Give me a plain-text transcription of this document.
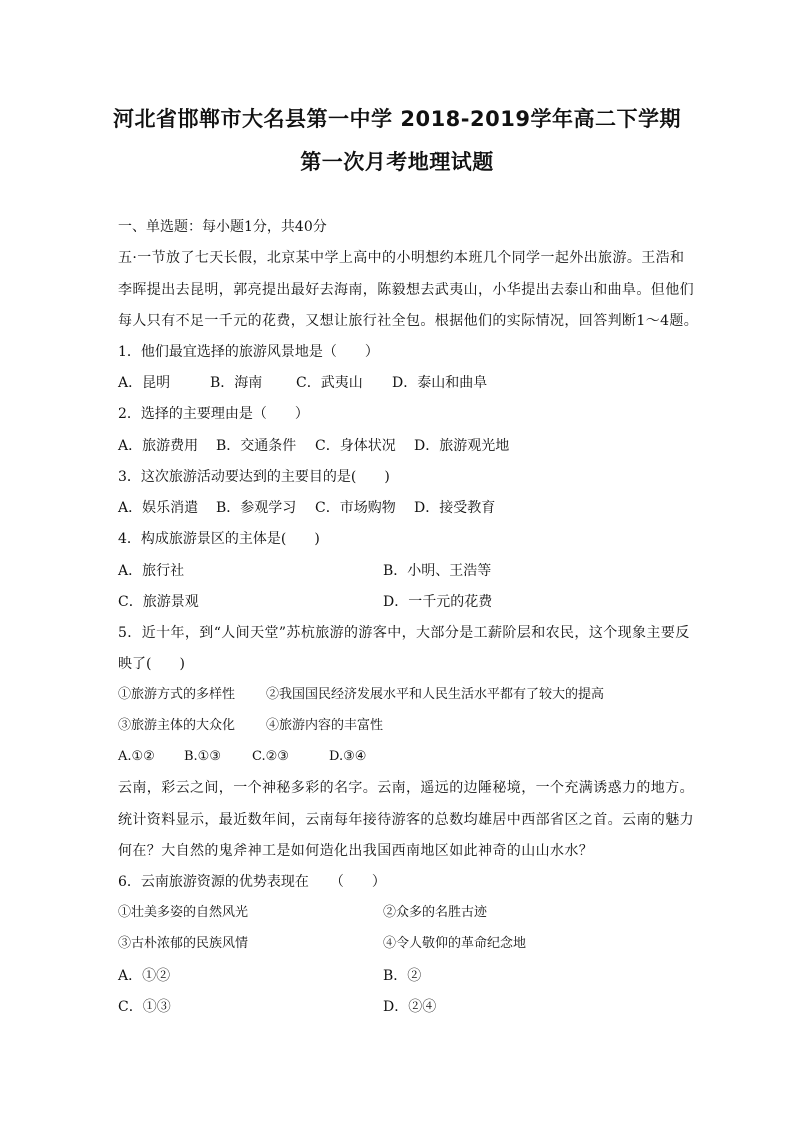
河北省邯郸市大名县第一中学 2018-2019学年高二下学期
第一次月考地理试题
一、单选题：每小题1分，共40分
五·一节放了七天长假，北京某中学上高中的小明想约本班几个同学一起外出旅游。王浩和
李晖提出去昆明，郭亮提出最好去海南，陈毅想去武夷山，小华提出去泰山和曲阜。但他们
每人只有不足一千元的花费，又想让旅行社全包。根据他们的实际情况，回答判断1～4题。
1．他们最宜选择的旅游风景地是（　　）
A．昆明	B．海南 C．武夷山 D．泰山和曲阜
2．选择的主要理由是（　　）
A．旅游费用 B．交通条件 C．身体状况 D．旅游观光地
3．这次旅游活动要达到的主要目的是(　　)
A．娱乐消遣 B．参观学习 C．市场购物 D．接受教育
4．构成旅游景区的主体是(　　)
A．旅行社	B．小明、王浩等
C．旅游景观	D．一千元的花费
5．近十年，到“人间天堂”苏杭旅游的游客中，大部分是工薪阶层和农民，这个现象主要反
映了(　　)
①旅游方式的多样性 ②我国国民经济发展水平和人民生活水平都有了较大的提高
③旅游主体的大众化 ④旅游内容的丰富性
A.①② B.①③ C.②③	D.③④
云南，彩云之间，一个神秘多彩的名字。云南，遥远的边陲秘境，一个充满诱惑力的地方。
统计资料显示，最近数年间，云南每年接待游客的总数均雄居中西部省区之首。云南的魅力
何在？大自然的鬼斧神工是如何造化出我国西南地区如此神奇的山山水水？
6．云南旅游资源的优势表现在　　（　　）
①壮美多姿的自然风光	②众多的名胜古迹
③古朴浓郁的民族风情	④令人敬仰的革命纪念地
A．①②	B．②
C．①③	D．②④
